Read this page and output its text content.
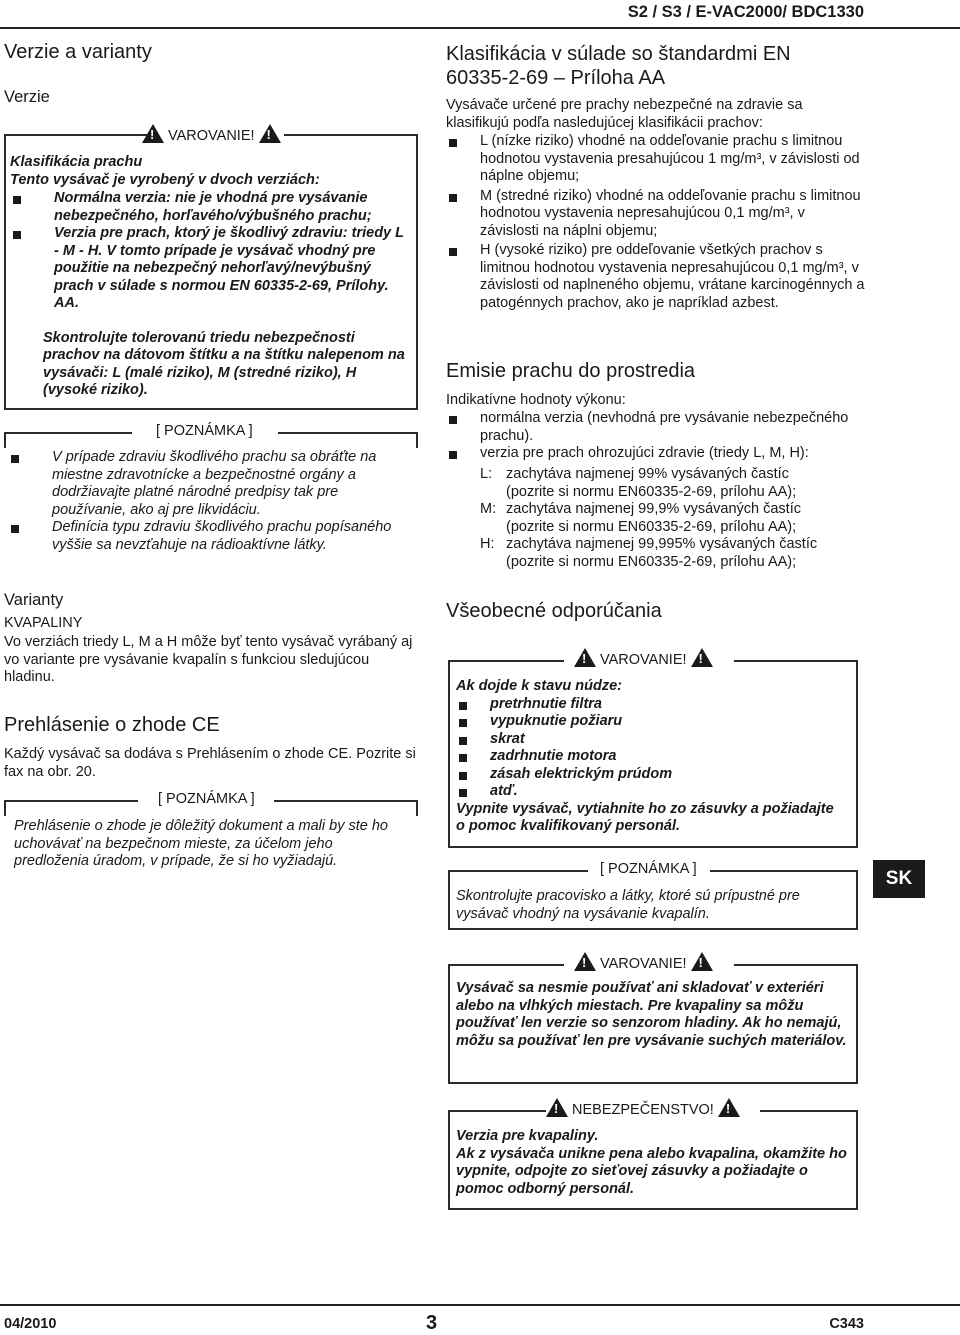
S2 / S3 / E-VAC2000/ BDC1330
Verzie a varianty
Verzie
! VAROVANIE! !
Klasifikácia prachu
Tento vysávač je vyrobený v dvoch verziách:
Normálna verzia: nie je vhodná pre vysávanie nebezpečného, horľavého/výbušného prachu;
Verzia pre prach, ktorý je škodlivý zdraviu: triedy L - M - H. V tomto prípade je vysávač vhodný pre použitie na nebezpečný nehorľavý/nevýbušný prach v súlade s normou EN 60335-2-69, Prílohy. AA.
Skontrolujte tolerovanú triedu nebezpečnosti prachov na dátovom štítku a na štítku nalepenom na vysávači: L (malé riziko), M (stredné riziko), H (vysoké riziko).
[ POZNÁMKA ]
V prípade zdraviu škodlivého prachu sa obráťte na miestne zdravotnícke a bezpečnostné orgány a dodržiavajte platné národné predpisy tak pre používanie, ako aj pre likvidáciu.
Definícia typu zdraviu škodlivého prachu popísaného vyššie sa nevzťahuje na rádioaktívne látky.
Varianty
KVAPALINY
Vo verziách triedy L, M a H môže byť tento vysávač vyrábaný aj vo variante pre vysávanie kvapalín s funkciou sledujúcou hladinu.
Prehlásenie o zhode CE
Každý vysávač sa dodáva s Prehlásením o zhode CE. Pozrite si fax na obr. 20.
[ POZNÁMKA ]
Prehlásenie o zhode je dôležitý dokument a mali by ste ho uchovávať na bezpečnom mieste, za účelom jeho predloženia úradom, v prípade, že si ho vyžiadajú.
Klasifikácia v súlade so štandardmi EN 60335-2-69 – Príloha AA
Vysávače určené pre prachy nebezpečné na zdravie sa klasifikujú podľa nasledujúcej klasifikácii prachov:
L (nízke riziko) vhodné na oddeľovanie prachu s limitnou hodnotou vystavenia presahujúcou 1 mg/m³, v závislosti od náplne objemu;
M (stredné riziko) vhodné na oddeľovanie prachu s limitnou hodnotou vystavenia nepresahujúcou 0,1 mg/m³, v závislosti na náplni objemu;
H (vysoké riziko) pre oddeľovanie všetkých prachov s limitnou hodnotou vystavenia nepresahujúcou 0,1 mg/m³, v závislosti od naplneného objemu, vrátane karcinogénnych a patogénnych prachov, ako je napríklad azbest.
Emisie prachu do prostredia
Indikatívne hodnoty výkonu:
normálna verzia (nevhodná pre vysávanie nebezpečného prachu).
verzia pre prach ohrozujúci zdravie (triedy L, M, H):
L: zachytáva najmenej 99% vysávaných častíc (pozrite si normu EN60335-2-69, prílohu AA);
M: zachytáva najmenej 99,9% vysávaných častíc (pozrite si normu EN60335-2-69, prílohu AA);
H: zachytáva najmenej 99,995% vysávaných častíc (pozrite si normu EN60335-2-69, prílohu AA);
Všeobecné odporúčania
! VAROVANIE! !
Ak dojde k stavu núdze:
pretrhnutie filtra
vypuknutie požiaru
skrat
zadrhnutie motora
zásah elektrickým prúdom
atď.
Vypnite vysávač, vytiahnite ho zo zásuvky a požiadajte o pomoc kvalifikovaný personál.
[ POZNÁMKA ]
Skontrolujte pracovisko a látky, ktoré sú prípustné pre vysávač vhodný na vysávanie kvapalín.
! VAROVANIE! !
Vysávač sa nesmie používať ani skladovať v exteriéri alebo na vlhkých miestach. Pre kvapaliny sa môžu používať len verzie so senzorom hladiny. Ak ho nemajú, môžu sa používať len pre vysávanie suchých materiálov.
! NEBEZPEČENSTVO! !
Verzia pre kvapaliny.
Ak z vysávača unikne pena alebo kvapalina, okamžite ho vypnite, odpojte zo sieťovej zásuvky a požiadajte o pomoc odborný personál.
SK
04/2010	3	C343
